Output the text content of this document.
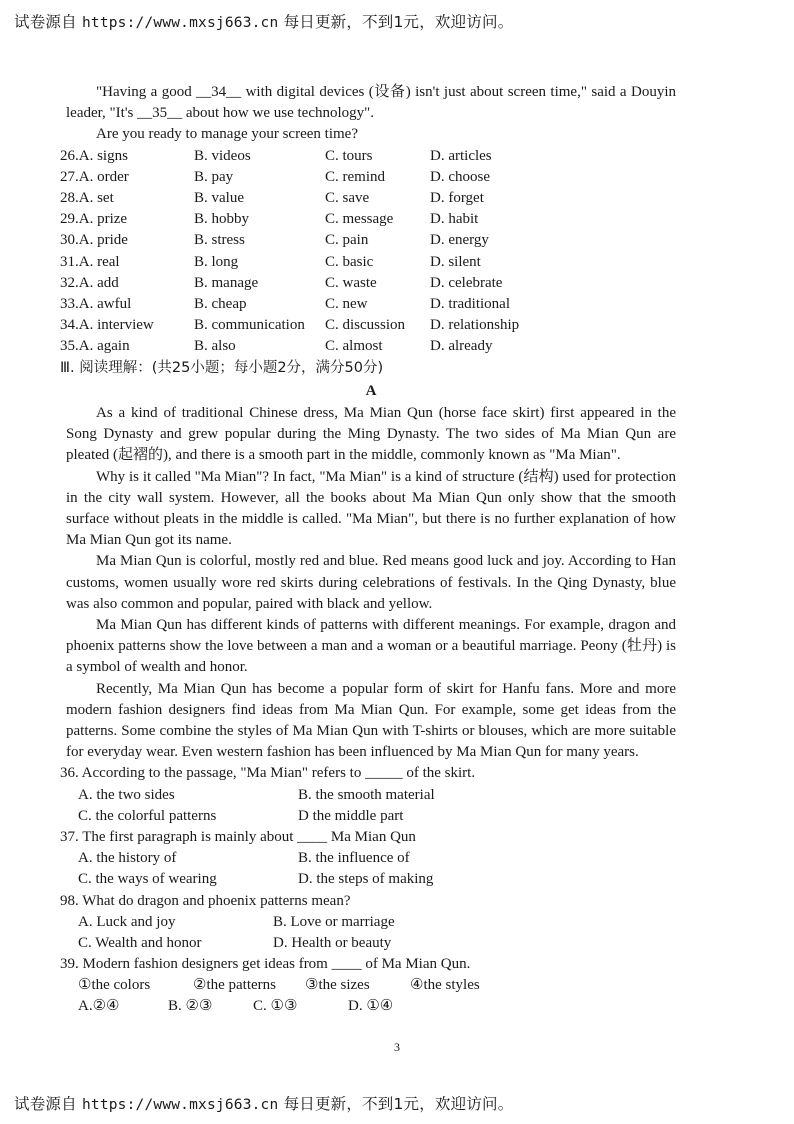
试卷源自 https://www.mxsj663.cn 每日更新，不到1元，欢迎访问。

"Having a good __34__ with digital devices (设备) isn't just about screen time," said a Douyin leader, "It's __35__ about how we use technology".

Are you ready to manage your screen time?

26.A. signs	B. videos	C. tours	D. articles
27.A. order	B. pay	C. remind	D. choose
28.A. set	B. value	C. save	D. forget
29.A. prize	B. hobby	C. message	D. habit
30.A. pride	B. stress	C. pain	D. energy
31.A. real	B. long	C. basic	D. silent
32.A. add	B. manage	C. waste	D. celebrate
33.A. awful	B. cheap	C. new	D. traditional
34.A. interview	B. communication	C. discussion	D. relationship
35.A. again	B. also	C. almost	D. already
Ⅲ. 阅读理解：(共25小题；每小题2分，满分50分)
A

As a kind of traditional Chinese dress, Ma Mian Qun (horse face skirt) first appeared in the Song Dynasty and grew popular during the Ming Dynasty. The two sides of Ma Mian Qun are pleated (起褶的), and there is a smooth part in the middle, commonly known as "Ma Mian".

Why is it called "Ma Mian"? In fact, "Ma Mian" is a kind of structure (结构) used for protection in the city wall system. However, all the books about Ma Mian Qun only show that the smooth surface without pleats in the middle is called. "Ma Mian", but there is no further explanation of how Ma Mian Qun got its name.

Ma Mian Qun is colorful, mostly red and blue. Red means good luck and joy. According to Han customs, women usually wore red skirts during celebrations of festivals. In the Qing Dynasty, blue was also common and popular, paired with black and yellow.

Ma Mian Qun has different kinds of patterns with different meanings. For example, dragon and phoenix patterns show the love between a man and a woman or a beautiful marriage. Peony (牡丹) is a symbol of wealth and honor.

Recently, Ma Mian Qun has become a popular form of skirt for Hanfu fans. More and more modern fashion designers find ideas from Ma Mian Qun. For example, some get ideas from the patterns. Some combine the styles of Ma Mian Qun with T-shirts or blouses, which are more suitable for everyday wear. Even western fashion has been influenced by Ma Mian Qun for many years.

36. According to the passage, "Ma Mian" refers to _____ of the skirt.
A. the two sides	B. the smooth material
C. the colorful patterns	D the middle part
37. The first paragraph is mainly about ____ Ma Mian Qun
A. the history of	B. the influence of
C. the ways of wearing	D. the steps of making
98. What do dragon and phoenix patterns mean?
A. Luck and joy	B. Love or marriage
C. Wealth and honor	D. Health or beauty
39. Modern fashion designers get ideas from ____ of Ma Mian Qun.
①the colors	②the patterns	③the sizes	④the styles
A.②④	B. ②③	C. ①③	D. ①④
3
试卷源自 https://www.mxsj663.cn 每日更新，不到1元，欢迎访问。
